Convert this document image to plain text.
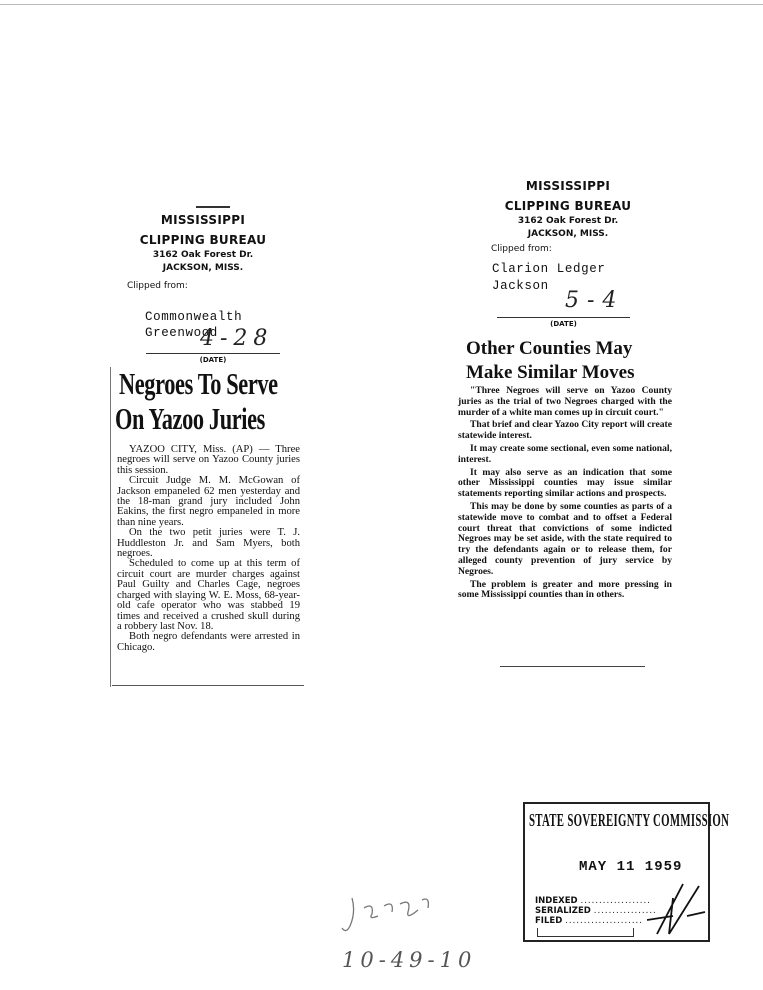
MISSISSIPPI
CLIPPING BUREAU
3162 Oak Forest Dr.
JACKSON, MISS.
Clipped from:
Commonwealth
Greenwood
4-28
(DATE)
Negroes To Serve
On Yazoo Juries

YAZOO CITY, Miss. (AP) — Three negroes will serve on Yazoo County juries this session.

Circuit Judge M. M. McGowan of Jackson empaneled 62 men yesterday and the 18-man grand jury included John Eakins, the first negro empaneled in more than nine years.

On the two petit juries were T. J. Huddleston Jr. and Sam Myers, both negroes.

Scheduled to come up at this term of circuit court are murder charges against Paul Guilty and Charles Cage, negroes charged with slaying W. E. Moss, 68-year-old cafe operator who was stabbed 19 times and received a crushed skull during a robbery last Nov. 18.

Both negro defendants were arrested in Chicago.

MISSISSIPPI
CLIPPING BUREAU
3162 Oak Forest Dr.
JACKSON, MISS.
Clipped from:
Clarion Ledger
Jackson
5-4
(DATE)
Other Counties May
Make Similar Moves

"Three Negroes will serve on Yazoo County juries as the trial of two Negroes charged with the murder of a white man comes up in circuit court."

That brief and clear Yazoo City report will create statewide interest.

It may create some sectional, even some national, interest.

It may also serve as an indication that some other Mississippi counties may issue similar statements reporting similar actions and prospects.

This may be done by some counties as parts of a statewide move to combat and to offset a Federal court threat that convictions of some indicted Negroes may be set aside, with the state required to try the defendants again or to release them, for alleged county prevention of jury service by Negroes.

The problem is greater and more pressing in some Mississippi counties than in others.

STATE SOVEREIGNTY COMMISSION
MAY 11 1959
INDEXED ...................
SERIALIZED .................
FILED .....................
10-49-10
